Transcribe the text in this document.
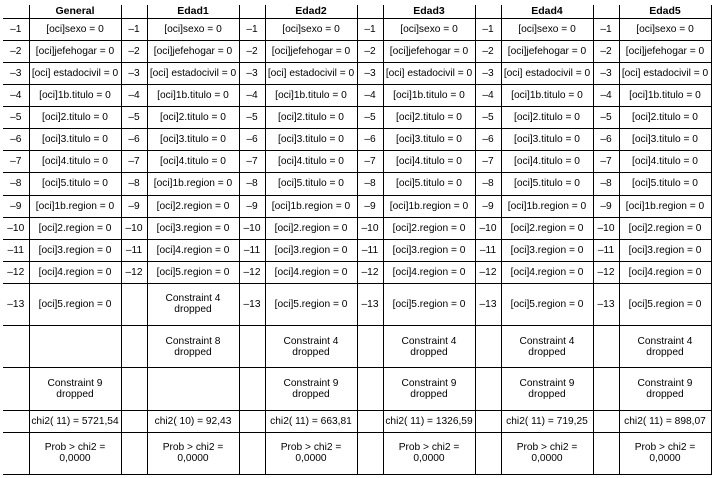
	General		Edad1		Edad2		Edad3		Edad4		Edad5
–1	[oci]sexo = 0	–1	[oci]sexo = 0	–1	[oci]sexo = 0	–1	[oci]sexo = 0	–1	[oci]sexo = 0	–1	[oci]sexo = 0
–2	[oci]jefehogar = 0	–2	[oci]jefehogar = 0	–2	[oci]jefehogar = 0	–2	[oci]jefehogar = 0	–2	[oci]jefehogar = 0	–2	[oci]jefehogar = 0
–3	[oci] estadocivil = 0	–3	[oci] estadocivil = 0	–3	[oci] estadocivil = 0	–3	[oci] estadocivil = 0	–3	[oci] estadocivil = 0	–3	[oci] estadocivil = 0
–4	[oci]1b.titulo = 0	–4	[oci]1b.titulo = 0	–4	[oci]1b.titulo = 0	–4	[oci]1b.titulo = 0	–4	[oci]1b.titulo = 0	–4	[oci]1b.titulo = 0
–5	[oci]2.titulo = 0	–5	[oci]2.titulo = 0	–5	[oci]2.titulo = 0	–5	[oci]2.titulo = 0	–5	[oci]2.titulo = 0	–5	[oci]2.titulo = 0
–6	[oci]3.titulo = 0	–6	[oci]3.titulo = 0	–6	[oci]3.titulo = 0	–6	[oci]3.titulo = 0	–6	[oci]3.titulo = 0	–6	[oci]3.titulo = 0
–7	[oci]4.titulo = 0	–7	[oci]4.titulo = 0	–7	[oci]4.titulo = 0	–7	[oci]4.titulo = 0	–7	[oci]4.titulo = 0	–7	[oci]4.titulo = 0
–8	[oci]5.titulo = 0	–8	[oci]1b.region = 0	–8	[oci]5.titulo = 0	–8	[oci]5.titulo = 0	–8	[oci]5.titulo = 0	–8	[oci]5.titulo = 0
–9	[oci]1b.region = 0	–9	[oci]2.region = 0	–9	[oci]1b.region = 0	–9	[oci]1b.region = 0	–9	[oci]1b.region = 0	–9	[oci]1b.region = 0
–10	[oci]2.region = 0	–10	[oci]3.region = 0	–10	[oci]2.region = 0	–10	[oci]2.region = 0	–10	[oci]2.region = 0	–10	[oci]2.region = 0
–11	[oci]3.region = 0	–11	[oci]4.region = 0	–11	[oci]3.region = 0	–11	[oci]3.region = 0	–11	[oci]3.region = 0	–11	[oci]3.region = 0
–12	[oci]4.region = 0	–12	[oci]5.region = 0	–12	[oci]4.region = 0	–12	[oci]4.region = 0	–12	[oci]4.region = 0	–12	[oci]4.region = 0
–13	[oci]5.region = 0		Constraint 4 dropped	–13	[oci]5.region = 0	–13	[oci]5.region = 0	–13	[oci]5.region = 0	–13	[oci]5.region = 0
			Constraint 8 dropped		Constraint 4 dropped		Constraint 4 dropped		Constraint 4 dropped		Constraint 4 dropped
	Constraint 9 dropped				Constraint 9 dropped		Constraint 9 dropped		Constraint 9 dropped		Constraint 9 dropped
	chi2( 11) = 5721,54		chi2( 10) = 92,43		chi2( 11) = 663,81		chi2( 11) = 1326,59		chi2( 11) = 719,25		chi2( 11) = 898,07
	Prob > chi2 = 0,0000		Prob > chi2 = 0,0000		Prob > chi2 = 0,0000		Prob > chi2 = 0,0000		Prob > chi2 = 0,0000		Prob > chi2 = 0,0000
